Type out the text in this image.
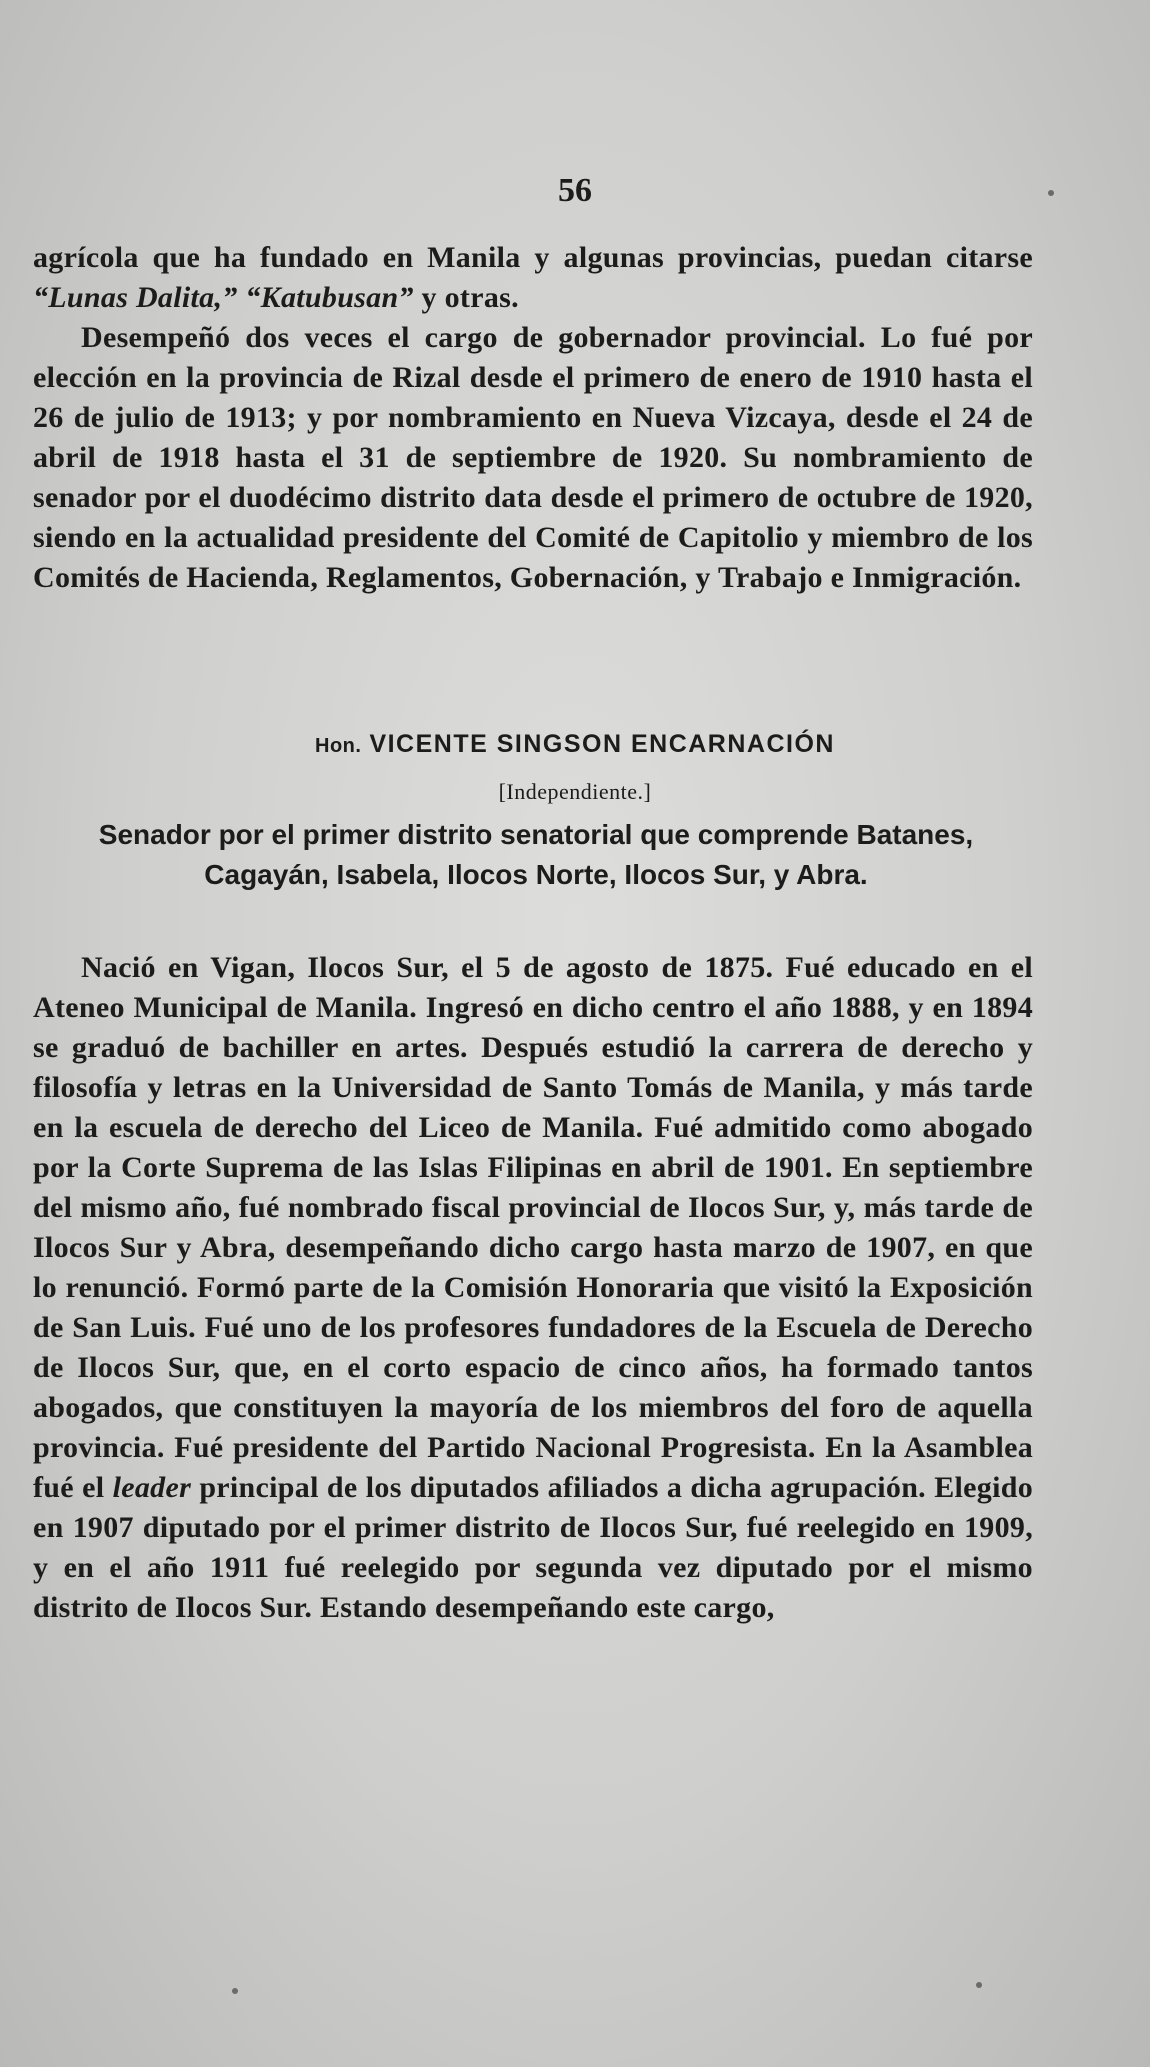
56

agrícola que ha fundado en Manila y algunas provincias, puedan citarse “Lunas Dalita,” “Katubusan” y otras.

Desempeñó dos veces el cargo de gobernador provincial. Lo fué por elección en la provincia de Rizal desde el primero de enero de 1910 hasta el 26 de julio de 1913; y por nombramiento en Nueva Vizcaya, desde el 24 de abril de 1918 hasta el 31 de septiembre de 1920. Su nombramiento de senador por el duodécimo distrito data desde el primero de octubre de 1920, siendo en la actualidad presidente del Comité de Capitolio y miembro de los Comités de Hacienda, Reglamentos, Gobernación, y Trabajo e Inmigración.

Hon. VICENTE SINGSON ENCARNACIÓN

[Independiente.]

Senador por el primer distrito senatorial que comprende Batanes, Cagayán, Isabela, Ilocos Norte, Ilocos Sur, y Abra.

Nació en Vigan, Ilocos Sur, el 5 de agosto de 1875. Fué educado en el Ateneo Municipal de Manila. Ingresó en dicho centro el año 1888, y en 1894 se graduó de bachiller en artes. Después estudió la carrera de derecho y filosofía y letras en la Universidad de Santo Tomás de Manila, y más tarde en la escuela de derecho del Liceo de Manila. Fué admitido como abogado por la Corte Suprema de las Islas Filipinas en abril de 1901. En septiembre del mismo año, fué nombrado fiscal provincial de Ilocos Sur, y, más tarde de Ilocos Sur y Abra, desempeñando dicho cargo hasta marzo de 1907, en que lo renunció. Formó parte de la Comisión Honoraria que visitó la Exposición de San Luis. Fué uno de los profesores fundadores de la Escuela de Derecho de Ilocos Sur, que, en el corto espacio de cinco años, ha formado tantos abogados, que constituyen la mayoría de los miembros del foro de aquella provincia. Fué presidente del Partido Nacional Progresista. En la Asamblea fué el leader principal de los diputados afiliados a dicha agrupación. Elegido en 1907 diputado por el primer distrito de Ilocos Sur, fué reelegido en 1909, y en el año 1911 fué reelegido por segunda vez diputado por el mismo distrito de Ilocos Sur. Estando desempeñando este cargo,
